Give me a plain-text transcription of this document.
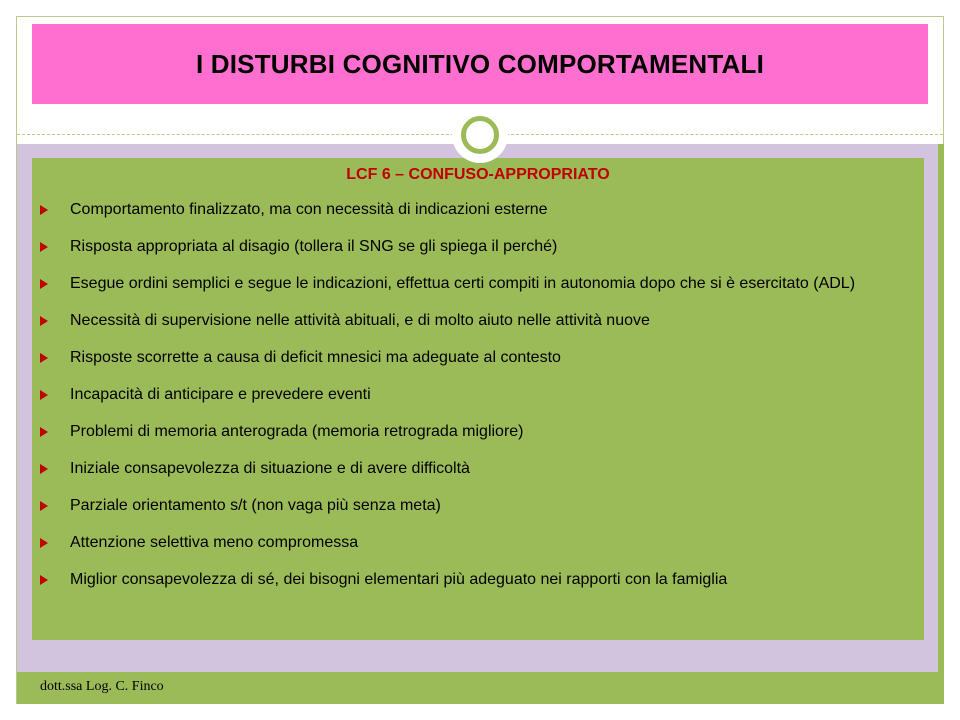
I DISTURBI COGNITIVO COMPORTAMENTALI
LCF 6 – CONFUSO-APPROPRIATO
Comportamento finalizzato, ma con necessità di indicazioni esterne
Risposta appropriata al disagio (tollera il SNG se gli spiega il perché)
Esegue ordini semplici e segue le indicazioni, effettua certi compiti in autonomia dopo che si è esercitato (ADL)
Necessità di supervisione nelle attività abituali, e di molto aiuto nelle attività nuove
Risposte scorrette a causa di deficit mnesici ma adeguate al contesto
Incapacità di anticipare e prevedere eventi
Problemi di memoria anterograda (memoria retrograda migliore)
Iniziale consapevolezza di situazione e di avere difficoltà
Parziale orientamento s/t (non vaga più senza meta)
Attenzione selettiva meno compromessa
Miglior consapevolezza di sé, dei bisogni elementari più adeguato nei rapporti con la famiglia
dott.ssa Log. C. Finco
